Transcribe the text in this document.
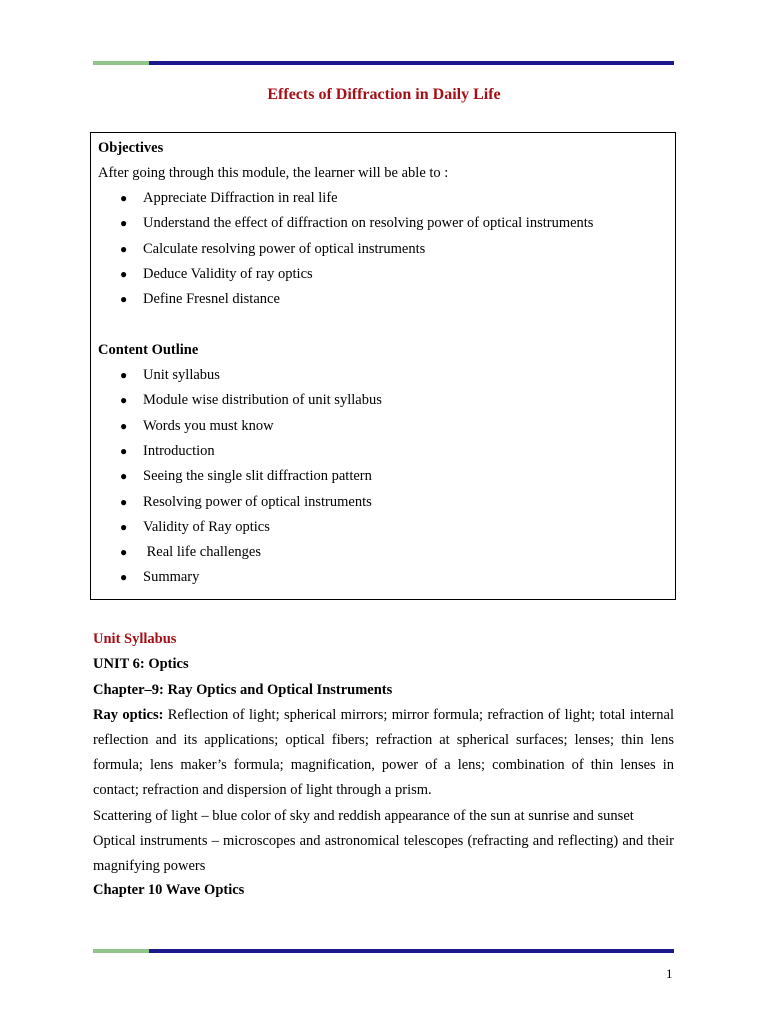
Effects of Diffraction in Daily Life
Objectives
After going through this module, the learner will be able to :
● Appreciate Diffraction in real life
● Understand the effect of diffraction on resolving power of optical instruments
● Calculate resolving power of optical instruments
● Deduce Validity of ray optics
● Define Fresnel distance
Content Outline
● Unit syllabus
● Module wise distribution of unit syllabus
● Words you must know
● Introduction
● Seeing the single slit diffraction pattern
● Resolving power of optical instruments
● Validity of Ray optics
● Real life challenges
● Summary
Unit Syllabus
UNIT 6: Optics
Chapter–9: Ray Optics and Optical Instruments
Ray optics: Reflection of light; spherical mirrors; mirror formula; refraction of light; total internal reflection and its applications; optical fibers; refraction at spherical surfaces; lenses; thin lens formula; lens maker’s formula; magnification, power of a lens; combination of thin lenses in contact; refraction and dispersion of light through a prism.
Scattering of light – blue color of sky and reddish appearance of the sun at sunrise and sunset
Optical instruments – microscopes and astronomical telescopes (refracting and reflecting) and their magnifying powers
Chapter 10 Wave Optics
1
